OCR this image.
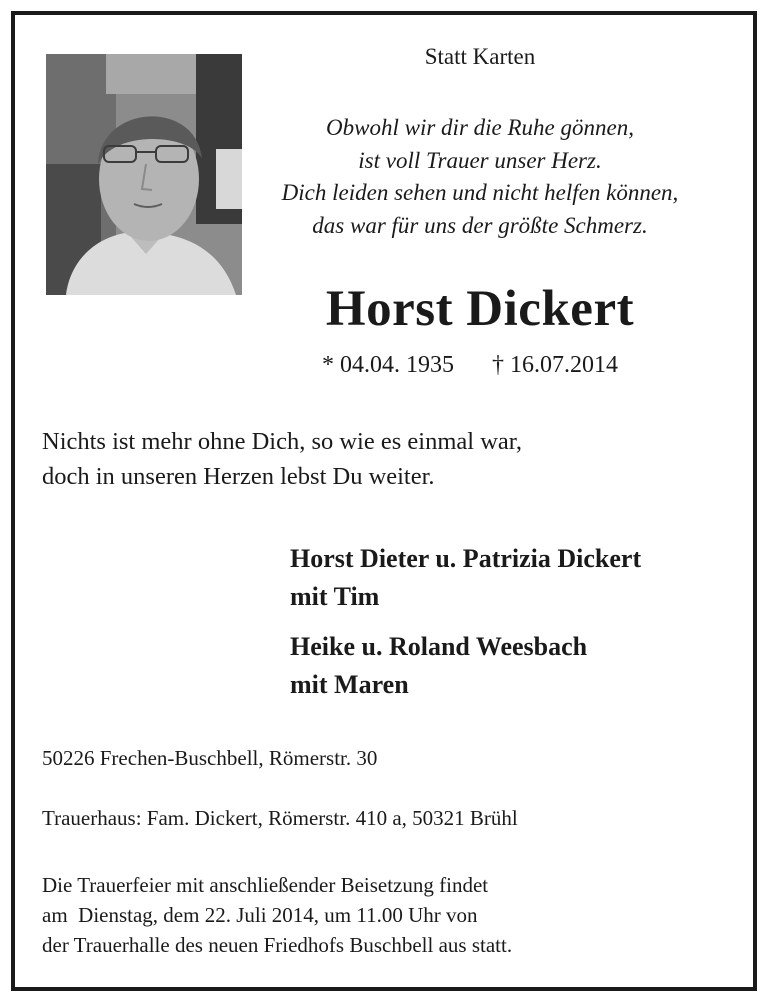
Statt Karten

Obwohl wir dir die Ruhe gönnen,
ist voll Trauer unser Herz.
Dich leiden sehen und nicht helfen können,
das war für uns der größte Schmerz.

Horst Dickert

* 04.04. 1935 † 16.07.2014

Nichts ist mehr ohne Dich, so wie es einmal war,
doch in unseren Herzen lebst Du weiter.
Horst Dieter u. Patrizia Dickert
mit Tim
Heike u. Roland Weesbach
mit Maren

50226 Frechen-Buschbell, Römerstr. 30

Trauerhaus: Fam. Dickert, Römerstr. 410 a, 50321 Brühl

Die Trauerfeier mit anschließender Beisetzung findet
am  Dienstag, dem 22. Juli 2014, um 11.00 Uhr von
der Trauerhalle des neuen Friedhofs Buschbell aus statt.
